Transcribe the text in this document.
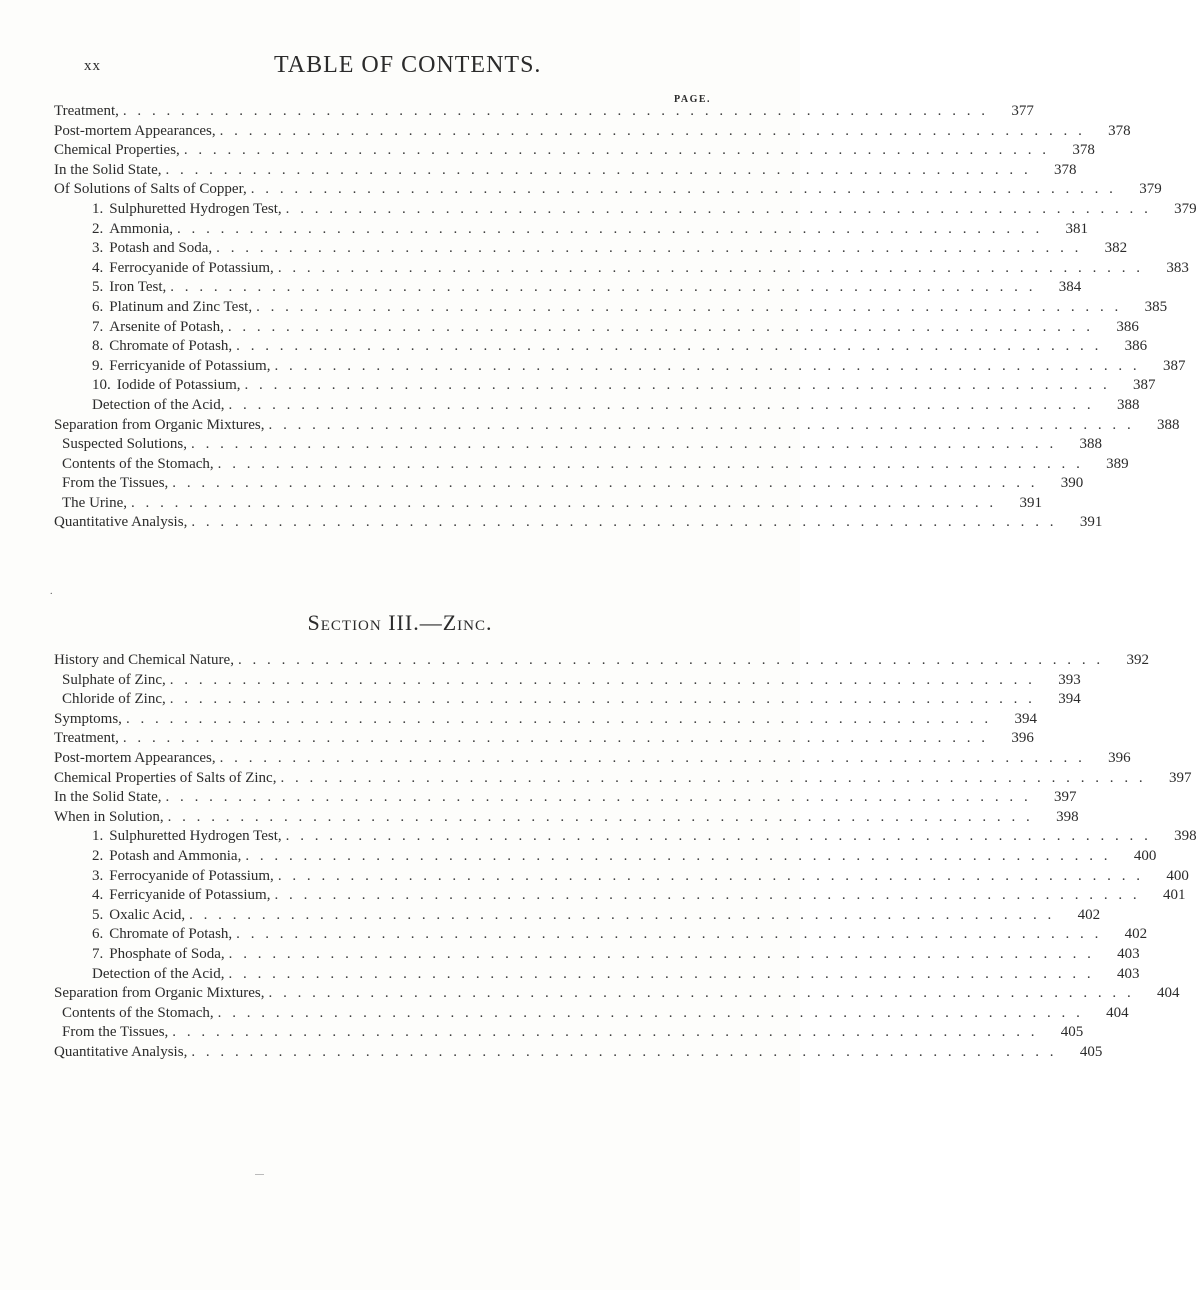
xx	TABLE OF CONTENTS.
PAGE.
Treatment, ............................................................	377
Post-mortem Appearances, ............................................................	378
Chemical Properties, ............................................................	378
In the Solid State, ............................................................	378
Of Solutions of Salts of Copper, ............................................................	379
1. Sulphuretted Hydrogen Test, ............................................................	379
2. Ammonia, ............................................................	381
3. Potash and Soda, ............................................................	382
4. Ferrocyanide of Potassium, ............................................................	383
5. Iron Test, ............................................................	384
6. Platinum and Zinc Test, ............................................................	385
7. Arsenite of Potash, ............................................................	386
8. Chromate of Potash, ............................................................	386
9. Ferricyanide of Potassium, ............................................................	387
10. Iodide of Potassium, ............................................................	387
Detection of the Acid, ............................................................	388
Separation from Organic Mixtures, ............................................................	388
Suspected Solutions, ............................................................	388
Contents of the Stomach, ............................................................	389
From the Tissues, ............................................................	390
The Urine, ............................................................	391
Quantitative Analysis, ............................................................	391
.
Section III.—Zinc.
History and Chemical Nature, ............................................................	392
Sulphate of Zinc, ............................................................	393
Chloride of Zinc, ............................................................	394
Symptoms, ............................................................	394
Treatment, ............................................................	396
Post-mortem Appearances, ............................................................	396
Chemical Properties of Salts of Zinc, ............................................................	397
In the Solid State, ............................................................	397
When in Solution, ............................................................	398
1. Sulphuretted Hydrogen Test, ............................................................	398
2. Potash and Ammonia, ............................................................	400
3. Ferrocyanide of Potassium, ............................................................	400
4. Ferricyanide of Potassium, ............................................................	401
5. Oxalic Acid, ............................................................	402
6. Chromate of Potash, ............................................................	402
7. Phosphate of Soda, ............................................................	403
Detection of the Acid, ............................................................	403
Separation from Organic Mixtures, ............................................................	404
Contents of the Stomach, ............................................................	404
From the Tissues, ............................................................	405
Quantitative Analysis, ............................................................	405
